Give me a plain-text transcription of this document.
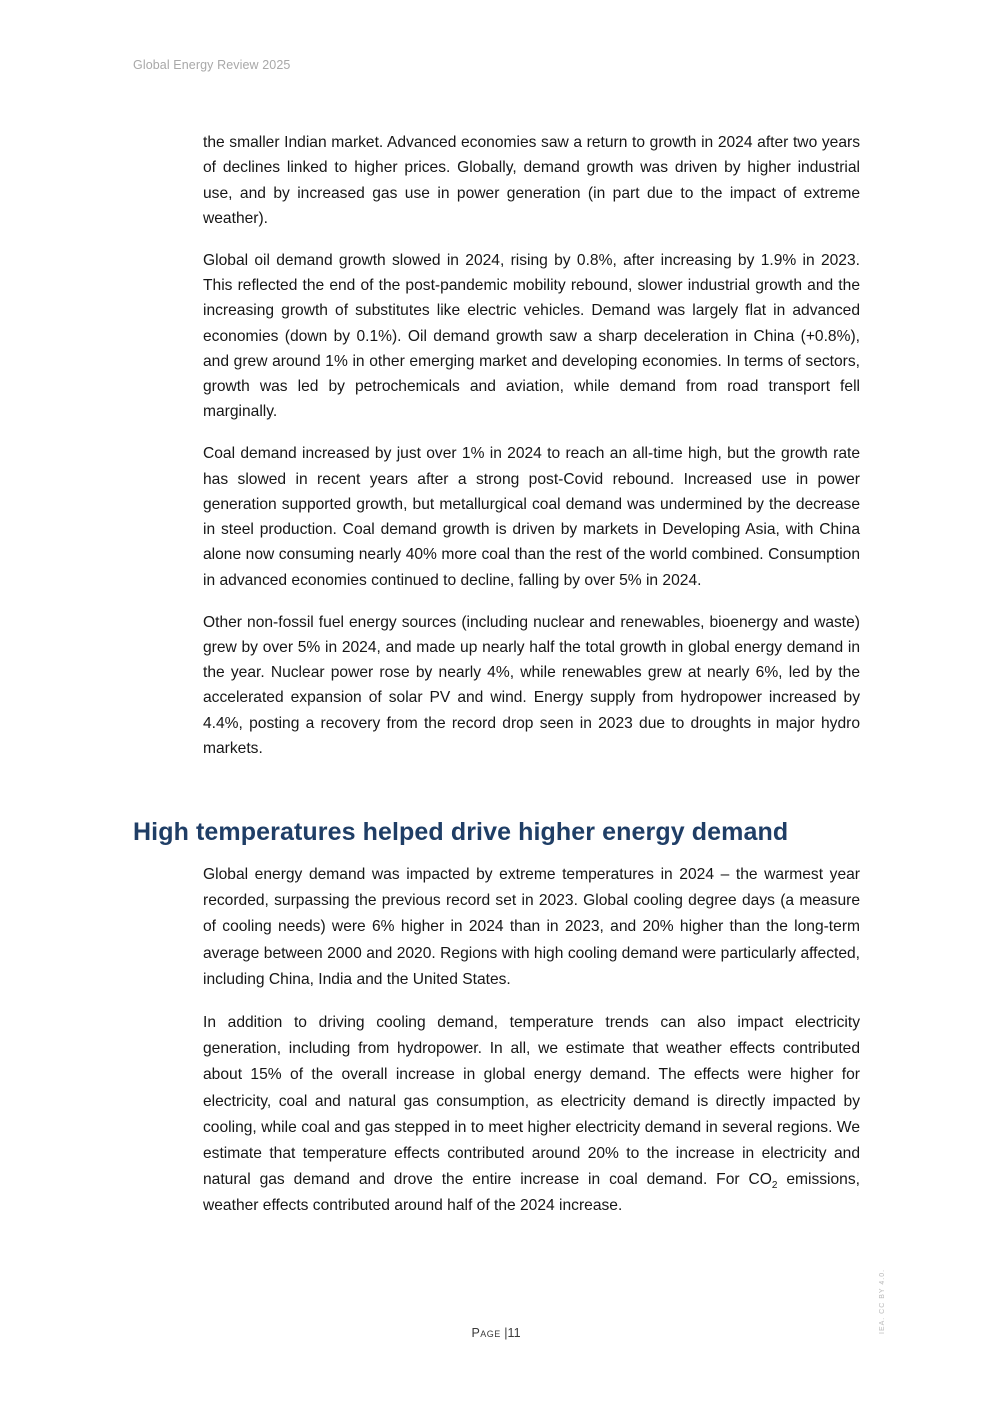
Global Energy Review 2025

the smaller Indian market. Advanced economies saw a return to growth in 2024 after two years of declines linked to higher prices. Globally, demand growth was driven by higher industrial use, and by increased gas use in power generation (in part due to the impact of extreme weather).

Global oil demand growth slowed in 2024, rising by 0.8%, after increasing by 1.9% in 2023. This reflected the end of the post-pandemic mobility rebound, slower industrial growth and the increasing growth of substitutes like electric vehicles. Demand was largely flat in advanced economies (down by 0.1%). Oil demand growth saw a sharp deceleration in China (+0.8%), and grew around 1% in other emerging market and developing economies. In terms of sectors, growth was led by petrochemicals and aviation, while demand from road transport fell marginally.

Coal demand increased by just over 1% in 2024 to reach an all-time high, but the growth rate has slowed in recent years after a strong post-Covid rebound. Increased use in power generation supported growth, but metallurgical coal demand was undermined by the decrease in steel production. Coal demand growth is driven by markets in Developing Asia, with China alone now consuming nearly 40% more coal than the rest of the world combined. Consumption in advanced economies continued to decline, falling by over 5% in 2024.

Other non-fossil fuel energy sources (including nuclear and renewables, bioenergy and waste) grew by over 5% in 2024, and made up nearly half the total growth in global energy demand in the year. Nuclear power rose by nearly 4%, while renewables grew at nearly 6%, led by the accelerated expansion of solar PV and wind. Energy supply from hydropower increased by 4.4%, posting a recovery from the record drop seen in 2023 due to droughts in major hydro markets.

High temperatures helped drive higher energy demand

Global energy demand was impacted by extreme temperatures in 2024 – the warmest year recorded, surpassing the previous record set in 2023. Global cooling degree days (a measure of cooling needs) were 6% higher in 2024 than in 2023, and 20% higher than the long-term average between 2000 and 2020. Regions with high cooling demand were particularly affected, including China, India and the United States.

In addition to driving cooling demand, temperature trends can also impact electricity generation, including from hydropower. In all, we estimate that weather effects contributed about 15% of the overall increase in global energy demand. The effects were higher for electricity, coal and natural gas consumption, as electricity demand is directly impacted by cooling, while coal and gas stepped in to meet higher electricity demand in several regions. We estimate that temperature effects contributed around 20% to the increase in electricity and natural gas demand and drove the entire increase in coal demand. For $CO_2$ emissions, weather effects contributed around half of the 2024 increase.

Page |11	IEA. CC BY 4.0.
